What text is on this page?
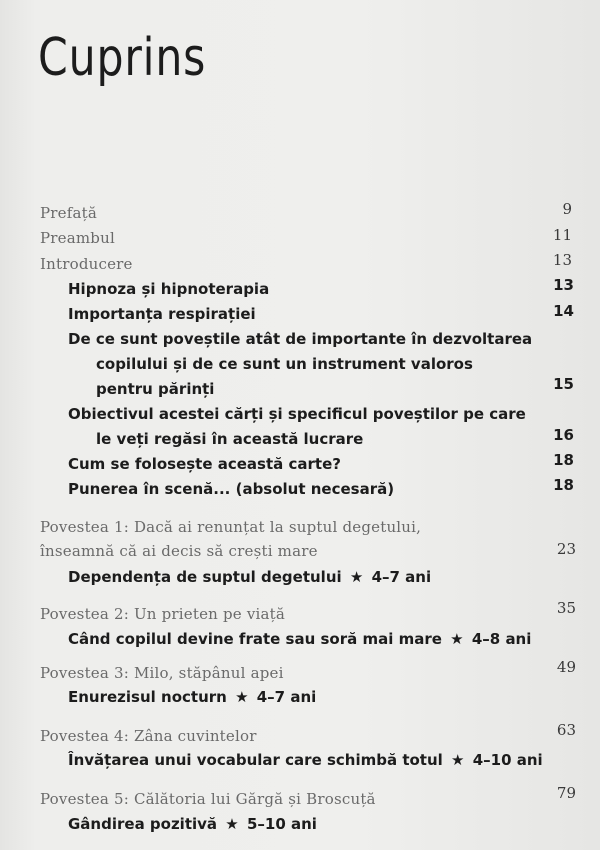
Cuprins
Prefață	9
Preambul	11
Introducere	13
Hipnoza și hipnoterapia	13
Importanța respirației	14
De ce sunt poveștile atât de importante în dezvoltarea
copilului și de ce sunt un instrument valoros
pentru părinți	15
Obiectivul acestei cărți și specificul poveștilor pe care
le veți regăsi în această lucrare	16
Cum se folosește această carte?	18
Punerea în scenă... (absolut necesară)	18
Povestea 1: Dacă ai renunțat la suptul degetului,
înseamnă că ai decis să crești mare	23
Dependența de suptul degetului ★ 4–7 ani
Povestea 2: Un prieten pe viață	35
Când copilul devine frate sau soră mai mare ★ 4–8 ani
Povestea 3: Milo, stăpânul apei	49
Enurezisul nocturn ★ 4–7 ani
Povestea 4: Zâna cuvintelor	63
Învățarea unui vocabular care schimbă totul ★ 4–10 ani
Povestea 5: Călătoria lui Gărgă și Broscuță	79
Gândirea pozitivă ★ 5–10 ani
